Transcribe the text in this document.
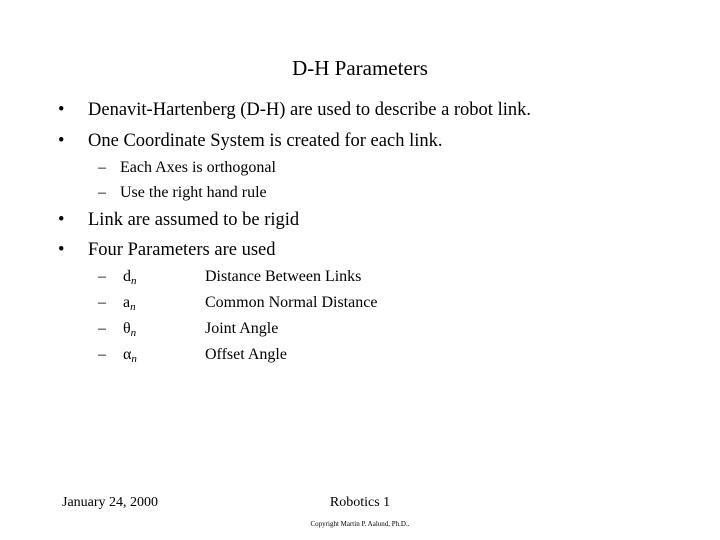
D-H Parameters
• Denavit-Hartenberg (D-H) are used to describe a robot link.
• One Coordinate System is created for each link.
– Each Axes is orthogonal
– Use the right hand rule
• Link are assumed to be rigid
• Four Parameters are used
– $d_n$	Distance Between Links
– $a_n$	Common Normal Distance
– $\theta_n$	Joint Angle
– $\alpha_n$	Offset Angle
January 24, 2000	Robotics 1
Copyright Martin P. Aalund, Ph.D..
